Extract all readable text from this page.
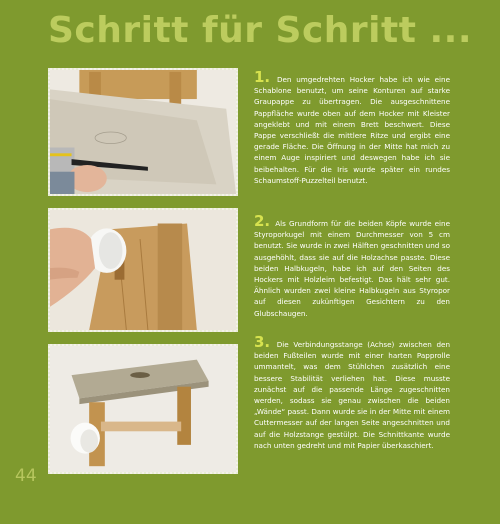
Schritt für Schritt ...
1. Den umgedrehten Hocker habe ich wie eine Schablone benutzt, um seine Konturen auf starke Graupappe zu übertragen. Die ausgeschnittene Pappfläche wurde oben auf dem Hocker mit Kleister angeklebt und mit einem Brett beschwert. Diese Pappe verschließt die mittlere Ritze und ergibt eine gerade Fläche. Die Öffnung in der Mitte hat mich zu einem Auge inspiriert und deswegen habe ich sie beibehalten. Für die Iris wurde später ein rundes Schaumstoff-Puzzelteil benutzt.
2. Als Grundform für die beiden Köpfe wurde eine Styroporkugel mit einem Durchmesser von 5 cm benutzt. Sie wurde in zwei Hälften geschnitten und so ausgehöhlt, dass sie auf die Holzachse passte. Diese beiden Halbkugeln, habe ich auf den Seiten des Hockers mit Holzleim befestigt. Das hält sehr gut. Ähnlich wurden zwei kleine Halbkugeln aus Styropor auf diesen zukünftigen Gesichtern zu den Glubschaugen.
3. Die Verbindungsstange (Achse) zwischen den beiden Fußteilen wurde mit einer harten Papprolle ummantelt, was dem Stühlchen zusätzlich eine bessere Stabilität verliehen hat. Diese musste zunächst auf die passende Länge zugeschnitten werden, sodass sie genau zwischen die beiden „Wände“ passt. Dann wurde sie in der Mitte mit einem Cuttermesser auf der langen Seite angeschnitten und auf die Holzstange gestülpt. Die Schnittkante wurde nach unten gedreht und mit Papier überkaschiert.
44
